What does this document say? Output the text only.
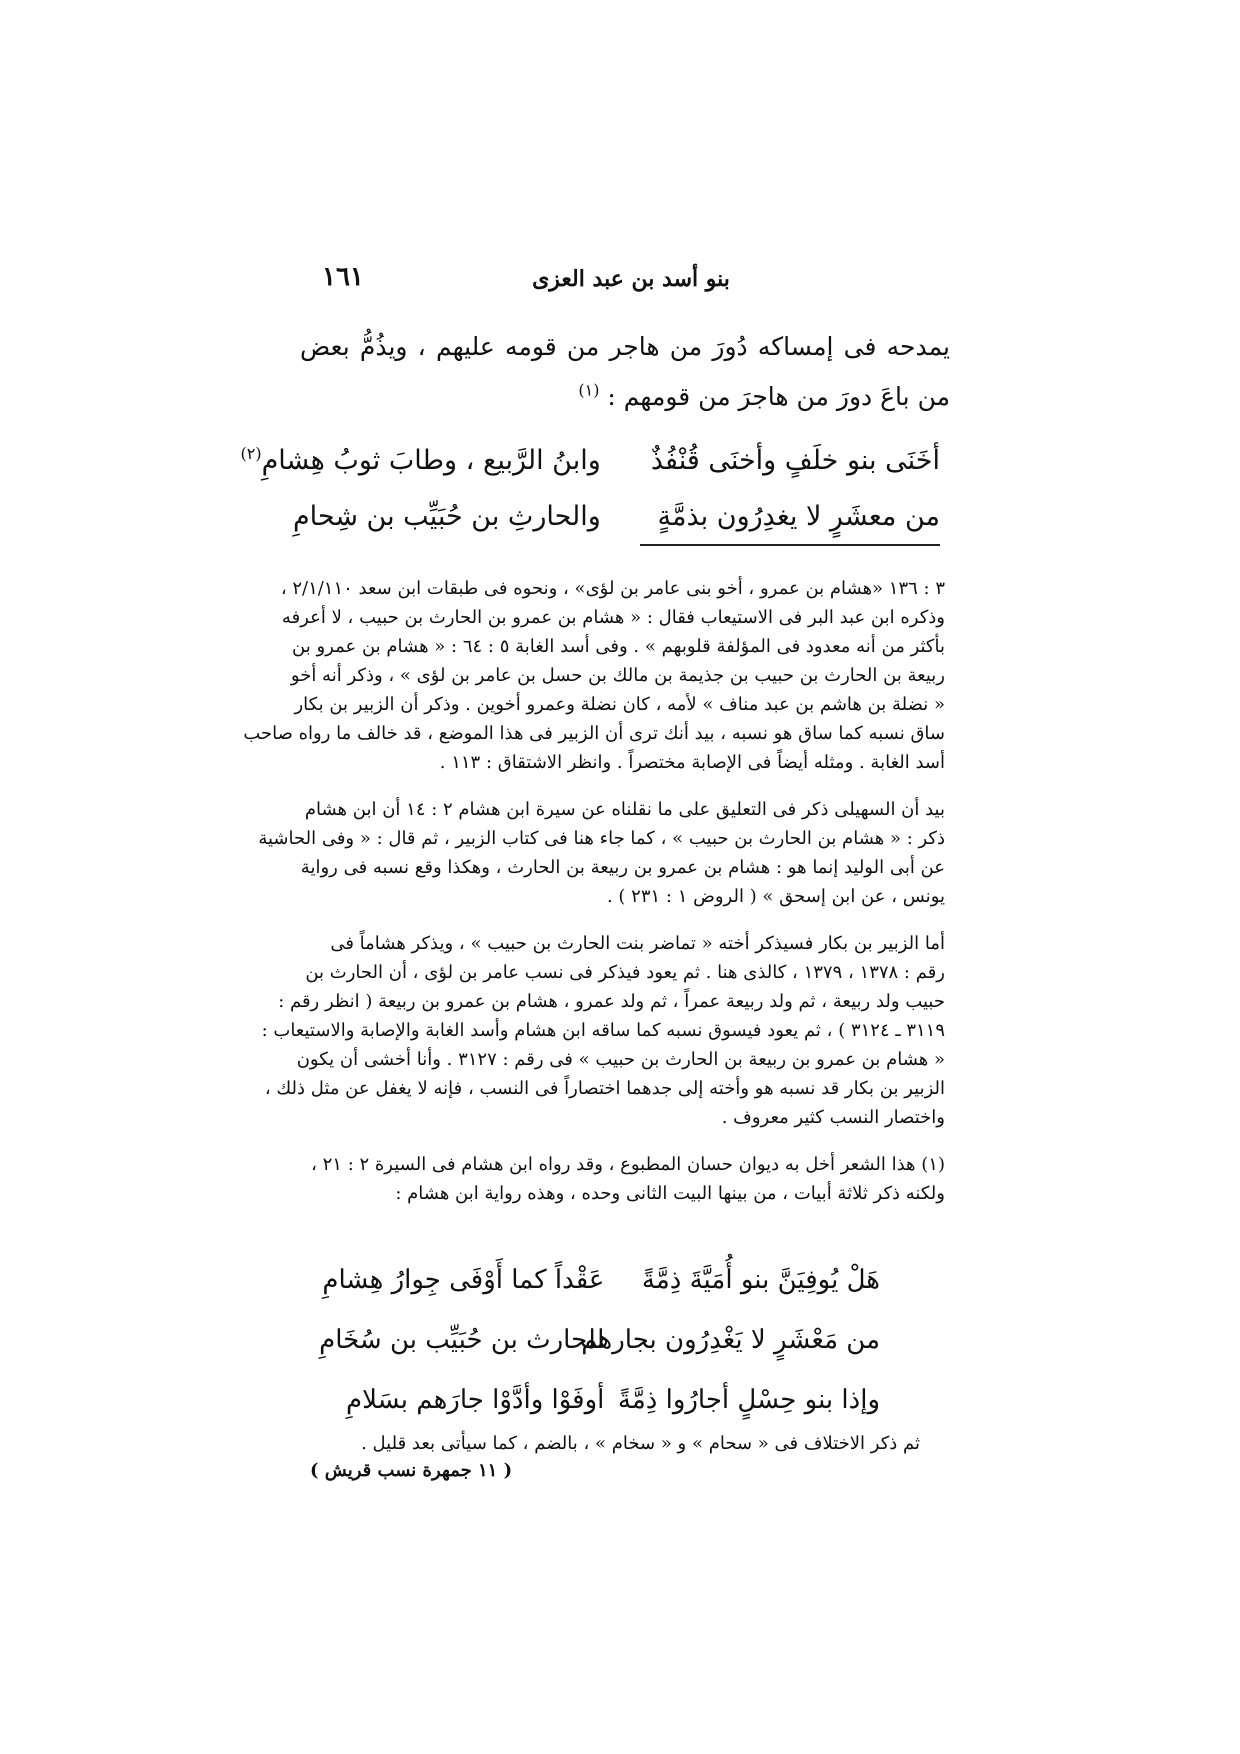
بنو أسد بن عبد العزى
١٦١
يمدحه فى إمساكه دُورَ من هاجر من قومه عليهم ، ويذُمُّ بعض من باعَ دورَ من هاجرَ من قومهم : $^{(١)}$
أخَنَى بنو خلَفٍ وأخنَى قُنْفُذٌ
وابنُ الرَّبيع ، وطابَ ثوبُ هِشامِ$^{(٢)}$
من معشَرٍ لا يغدِرُون بذمَّةٍ
والحارثِ بن حُبَيِّب بن شِحامِ
٣ : ١٣٦ «هشام بن عمرو ، أخو بنى عامر بن لؤى» ، ونحوه فى طبقات ابن سعد ٢/١/١١٠ ،
وذكره ابن عبد البر فى الاستيعاب فقال : « هشام بن عمرو بن الحارث بن حبيب ، لا أعرفه
بأكثر من أنه معدود فى المؤلفة قلوبهم » . وفى أسد الغابة ٥ : ٦٤ : « هشام بن عمرو بن
ربيعة بن الحارث بن حبيب بن جذيمة بن مالك بن حسل بن عامر بن لؤى » ، وذكر أنه أخو
« نضلة بن هاشم بن عبد مناف » لأمه ، كان نضلة وعمرو أخوين . وذكر أن الزبير بن بكار
ساق نسبه كما ساق هو نسبه ، بيد أنك ترى أن الزبير فى هذا الموضع ، قد خالف ما رواه صاحب
أسد الغابة . ومثله أيضاً فى الإصابة مختصراً . وانظر الاشتقاق : ١١٣ .
بيد أن السهيلى ذكر فى التعليق على ما نقلناه عن سيرة ابن هشام ٢ : ١٤ أن ابن هشام
ذكر : « هشام بن الحارث بن حبيب » ، كما جاء هنا فى كتاب الزبير ، ثم قال : « وفى الحاشية
عن أبى الوليد إنما هو : هشام بن عمرو بن ربيعة بن الحارث ، وهكذا وقع نسبه فى رواية
يونس ، عن ابن إسحق » ( الروض ١ : ٢٣١ ) .
أما الزبير بن بكار فسيذكر أخته « تماضر بنت الحارث بن حبيب » ، ويذكر هشاماً فى
رقم : ١٣٧٨ ، ١٣٧٩ ، كالذى هنا . ثم يعود فيذكر فى نسب عامر بن لؤى ، أن الحارث بن
حبيب ولد ربيعة ، ثم ولد ربيعة عمراً ، ثم ولد عمرو ، هشام بن عمرو بن ربيعة ( انظر رقم :
٣١١٩ ـ ٣١٢٤ ) ، ثم يعود فيسوق نسبه كما ساقه ابن هشام وأسد الغابة والإصابة والاستيعاب :
« هشام بن عمرو بن ربيعة بن الحارث بن حبيب » فى رقم : ٣١٢٧ . وأنا أخشى أن يكون
الزبير بن بكار قد نسبه هو وأخته إلى جدهما اختصاراً فى النسب ، فإنه لا يغفل عن مثل ذلك ،
واختصار النسب كثير معروف .
(١) هذا الشعر أخل به ديوان حسان المطبوع ، وقد رواه ابن هشام فى السيرة ٢ : ٢١ ،
ولكنه ذكر ثلاثة أبيات ، من بينها البيت الثانى وحده ، وهذه رواية ابن هشام :
هَلْ يُوفِيَنَّ بنو أُمَيَّةَ ذِمَّةً
عَقْداً كما أَوْفَى جِوارُ هِشامِ
من مَعْشَرٍ لا يَغْدِرُون بجارهم
للحارث بن حُبَيِّب بن سُخَامِ
وإذا بنو حِسْلٍ أجارُوا ذِمَّةً
أوفَوْا وأدَّوْا جارَهم بسَلامِ
ثم ذكر الاختلاف فى « سحام » و « سخام » ، بالضم ، كما سيأتى بعد قليل .
( ١١ جمهرة نسب قريش )
